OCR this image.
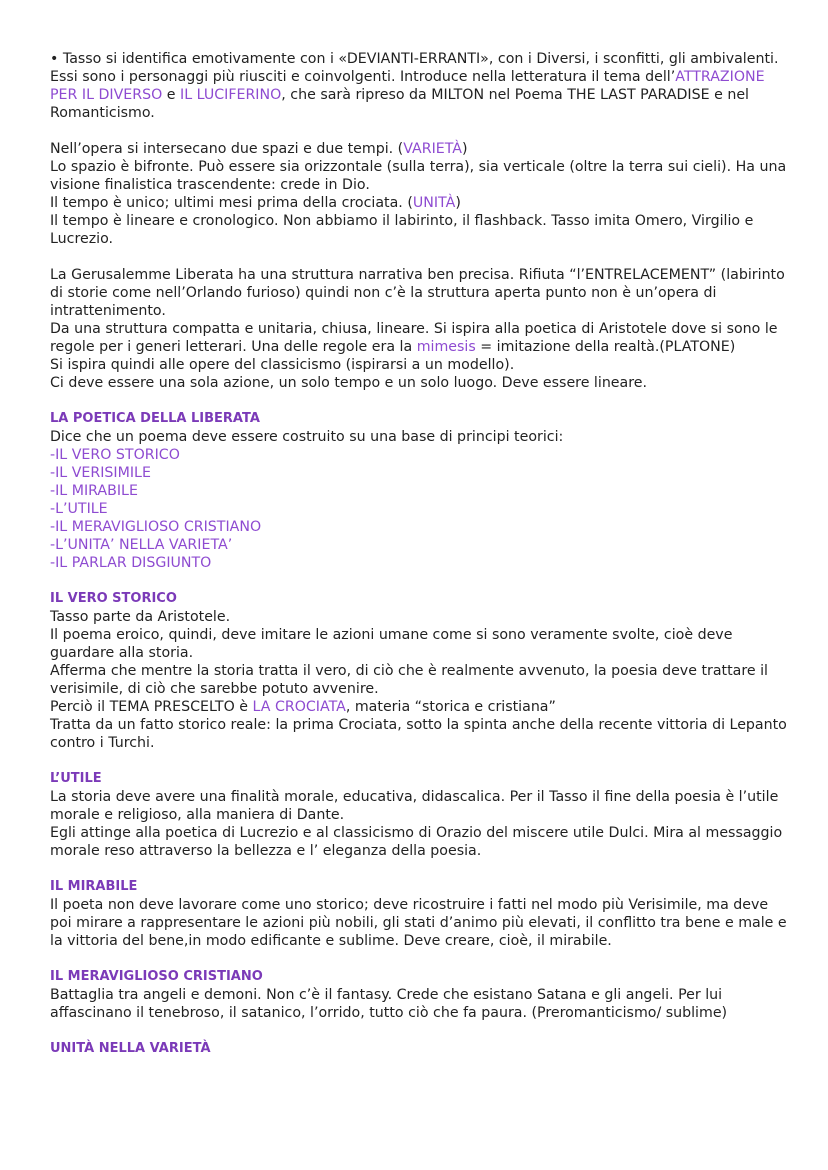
• Tasso si identifica emotivamente con i «DEVIANTI-ERRANTI», con i Diversi, i sconfitti, gli ambivalenti. Essi sono i personaggi più riusciti e coinvolgenti. Introduce nella letteratura il tema dell’ATTRAZIONE PER IL DIVERSO e IL LUCIFERINO, che sarà ripreso da MILTON nel Poema THE LAST PARADISE e nel Romanticismo.

Nell’opera si intersecano due spazi e due tempi. (VARIETÀ)

Lo spazio è bifronte. Può essere sia orizzontale (sulla terra), sia verticale (oltre la terra sui cieli). Ha una visione finalistica trascendente: crede in Dio.

Il tempo è unico; ultimi mesi prima della crociata. (UNITÀ)

Il tempo è lineare e cronologico. Non abbiamo il labirinto, il flashback. Tasso imita Omero, Virgilio e Lucrezio.

La Gerusalemme Liberata ha una struttura narrativa ben precisa. Rifiuta “l’ENTRELACEMENT” (labirinto di storie come nell’Orlando furioso) quindi non c’è la struttura aperta punto non è un’opera di intrattenimento.

Da una struttura compatta e unitaria, chiusa, lineare. Si ispira alla poetica di Aristotele dove si sono le regole per i generi letterari. Una delle regole era la mimesis = imitazione della realtà.(PLATONE)

Si ispira quindi alle opere del classicismo (ispirarsi a un modello).

Ci deve essere una sola azione, un solo tempo e un solo luogo. Deve essere lineare.

LA POETICA DELLA LIBERATA

Dice che un poema deve essere costruito su una base di principi teorici:

-IL VERO STORICO

-IL VERISIMILE

-IL MIRABILE

-L’UTILE

-IL MERAVIGLIOSO CRISTIANO

-L’UNITA’ NELLA VARIETA’

-IL PARLAR DISGIUNTO

IL VERO STORICO

Tasso parte da Aristotele.

Il poema eroico, quindi, deve imitare le azioni umane come si sono veramente svolte, cioè deve guardare alla storia.

Afferma che mentre la storia tratta il vero, di ciò che è realmente avvenuto, la poesia deve trattare il verisimile, di ciò che sarebbe potuto avvenire.

Perciò il TEMA PRESCELTO è LA CROCIATA, materia “storica e cristiana”

Tratta da un fatto storico reale: la prima Crociata, sotto la spinta anche della recente vittoria di Lepanto contro i Turchi.

L’UTILE

La storia deve avere una finalità morale, educativa, didascalica. Per il Tasso il fine della poesia è l’utile morale e religioso, alla maniera di Dante.

Egli attinge alla poetica di Lucrezio e al classicismo di Orazio del miscere utile Dulci. Mira al messaggio morale reso attraverso la bellezza e l’ eleganza della poesia.

IL MIRABILE

Il poeta non deve lavorare come uno storico; deve ricostruire i fatti nel modo più Verisimile, ma deve poi mirare a rappresentare le azioni più nobili, gli stati d’animo più elevati, il conflitto tra bene e male e la vittoria del bene,in modo edificante e sublime. Deve creare, cioè, il mirabile.

IL MERAVIGLIOSO CRISTIANO

Battaglia tra angeli e demoni. Non c’è il fantasy. Crede che esistano Satana e gli angeli. Per lui affascinano il tenebroso, il satanico, l’orrido, tutto ciò che fa paura. (Preromanticismo/ sublime)

UNITÀ NELLA VARIETÀ
